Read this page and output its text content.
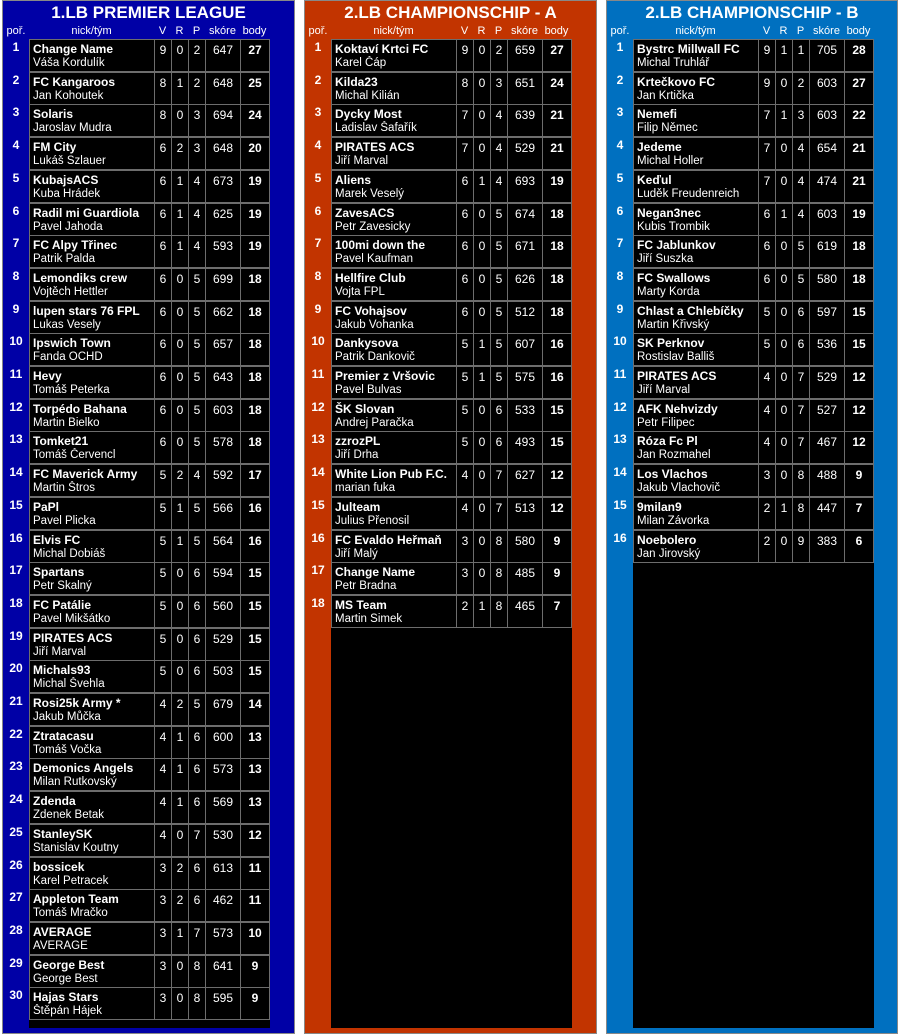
1.LB PREMIER LEAGUE
poř.	nick/tým	V R P skóre body
1	Change Name
Váša Kordulík
9 0 2	647	27
2	FC Kangaroos
Jan Kohoutek
8 1 2	648	25
3	Solaris
Jaroslav Mudra
8 0 3	694	24
4	FM City
Lukáš Szlauer
6 2 3	648	20
5	KubajsACS
Kuba Hrádek
6 1 4	673	19
6	Radil mi Guardiola
Pavel Jahoda
6 1 4	625	19
7	FC Alpy Třinec
Patrik Palda
6 1 4	593	19
8	Lemondiks crew
Vojtěch Hettler
6 0 5	699	18
9	lupen stars 76 FPL
Lukas Vesely
6 0 5	662	18
10 Ipswich Town
Fanda OCHD
6 0 5	657	18
11 Hevy
Tomáš Peterka
6 0 5	643	18
12 Torpédo Bahana
Martin Bielko
6 0 5	603	18
13 Tomket21
Tomáš Červencl
6 0 5	578	18
14 FC Maverick Army
Martin Štros
5 2 4	592	17
15 PaPl
Pavel Plicka
5 1 5	566	16
16 Elvis FC
Michal Dobiáš
5 1 5	564	16
17 Spartans
Petr Skalný
5 0 6	594	15
18 FC Patálie
Pavel Mikšátko
5 0 6	560	15
19 PIRATES ACS
Jiří Marval
5 0 6	529	15
20 Michals93
Michal Švehla
5 0 6	503	15
21 Rosi25k Army *
Jakub Můčka
4 2 5	679	14
22 Ztratacasu
Tomáš Vočka
4 1 6	600	13
23 Demonics Angels
Milan Rutkovský
4 1 6	573	13
24 Zdenda
Zdenek Betak
4 1 6	569	13
25 StanleySK
Stanislav Koutny
4 0 7	530	12
26 bossicek
Karel Petracek
3 2 6	613	11
27 Appleton Team
Tomáš Mračko
3 2 6	462	11
28 AVERAGE
AVERAGE
3 1 7	573	10
29 George Best
George Best
3 0 8	641	9
30 Hajas Stars
Štěpán Hájek
3 0 8	595	9
2.LB CHAMPIONSCHIP - A
poř.	nick/tým	V R P skóre body
1	Koktaví Krtci FC
Karel Čáp
9 0 2	659	27
2	Kilda23
Michal Kilián
8 0 3	651	24
3	Dycky Most
Ladislav Šafařík
7 0 4	639	21
4	PIRATES ACS
Jiří Marval
7 0 4	529	21
5	Aliens
Marek Veselý
6 1 4	693	19
6	ZavesACS
Petr Zavesicky
6 0 5	674	18
7	100mi down the
Pavel Kaufman
6 0 5	671	18
8	Hellfire Club
Vojta FPL
6 0 5	626	18
9	FC Vohajsov
Jakub Vohanka
6 0 5	512	18
10 Dankysova
Patrik Dankovič
5 1 5	607	16
11 Premier z Vršovic
Pavel Bulvas
5 1 5	575	16
12 ŠK Slovan
Andrej Paračka
5 0 6	533	15
13 zzrozPL
Jiří Drha
5 0 6	493	15
14 White Lion Pub F.C.
marian fuka
4 0 7	627	12
15 Julteam
Julius Přenosil
4 0 7	513	12
16 FC Evaldo Heřmaň
Jiří Malý
3 0 8	580	9
17 Change Name
Petr Bradna
3 0 8	485	9
18 MS Team
Martin Simek
2 1 8	465	7
2.LB CHAMPIONSCHIP - B
poř.	nick/tým	V R P skóre body
1	Bystrc Millwall FC
Michal Truhlář
9 1 1	705	28
2	Krtečkovo FC
Jan Krtička
9 0 2	603	27
3	Nemefi
Filip Němec
7 1 3	603	22
4	Jedeme
Michal Holler
7 0 4	654	21
5	Keďul
Luděk Freudenreich
7 0 4	474	21
6	Negan3nec
Kubis Trombik
6 1 4	603	19
7	FC Jablunkov
Jiří Suszka
6 0 5	619	18
8	FC Swallows
Marty Korda
6 0 5	580	18
9	Chlast a Chlebíčky
Martin Křivský
5 0 6	597	15
10 SK Perknov
Rostislav Balliš
5 0 6	536	15
11 PIRATES ACS
Jiří Marval
4 0 7	529	12
12 AFK Nehvizdy
Petr Filipec
4 0 7	527	12
13 Róza Fc Pl
Jan Rozmahel
4 0 7	467	12
14 Los Vlachos
Jakub Vlachovič
3 0 8	488	9
15 9milan9
Milan Závorka
2 1 8	447	7
16 Noebolero
Jan Jirovský
2 0 9	383	6
